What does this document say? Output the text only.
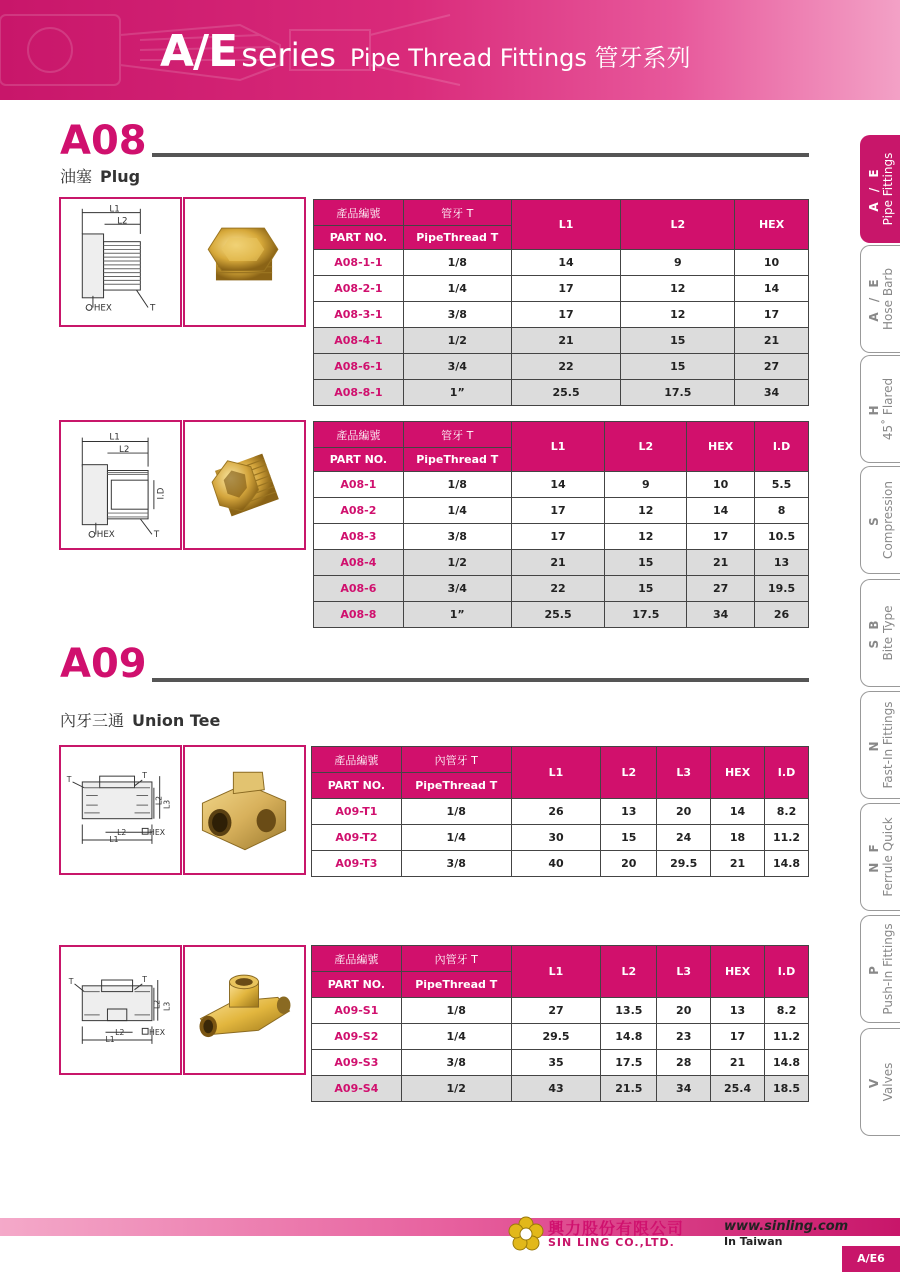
A/E series Pipe Thread Fittings 管牙系列
A / E Pipe Fittings
A / E Hose Barb
H 45˚ Flared
S Compression
S B Bite Type
N Fast-In Fittings
N F Ferrule Quick
P Push-In Fittings
V Valves
A08
油塞 Plug
L1
L2
HEX	T
產品編號	管牙 T	L1	L2	HEX
PART NO.	PipeThread T			
A08-1-1	1/8	14	9	10
A08-2-1	1/4	17	12	14
A08-3-1	3/8	17	12	17
A08-4-1	1/2	21	15	21
A08-6-1	3/4	22	15	27
A08-8-1	1”	25.5	17.5	34
L1
L2
I.D
HEX	T
產品編號	管牙 T	L1	L2	HEX	I.D
PART NO.	PipeThread T				
A08-1	1/8	14	9	10	5.5
A08-2	1/4	17	12	14	8
A08-3	3/8	17	12	17	10.5
A08-4	1/2	21	15	21	13
A08-6	3/4	22	15	27	19.5
A08-8	1”	25.5	17.5	34	26
A09
內牙三通 Union Tee
T	T
L1
L2	HEX
L2
L3
產品編號	內管牙 T	L1	L2	L3	HEX	I.D
PART NO.	PipeThread T					
A09-T1	1/8	26	13	20	14	8.2
A09-T2	1/4	30	15	24	18	11.2
A09-T3	3/8	40	20	29.5	21	14.8
T	T
L1
L2	HEX
L2 L3
產品編號	內管牙 T	L1	L2	L3	HEX	I.D
PART NO.	PipeThread T					
A09-S1	1/8	27	13.5	20	13	8.2
A09-S2	1/4	29.5	14.8	23	17	11.2
A09-S3	3/8	35	17.5	28	21	14.8
A09-S4	1/2	43	21.5	34	25.4	18.5
興力股份有限公司
SIN LING CO.,LTD.
www.sinling.com
In Taiwan
A/E6
